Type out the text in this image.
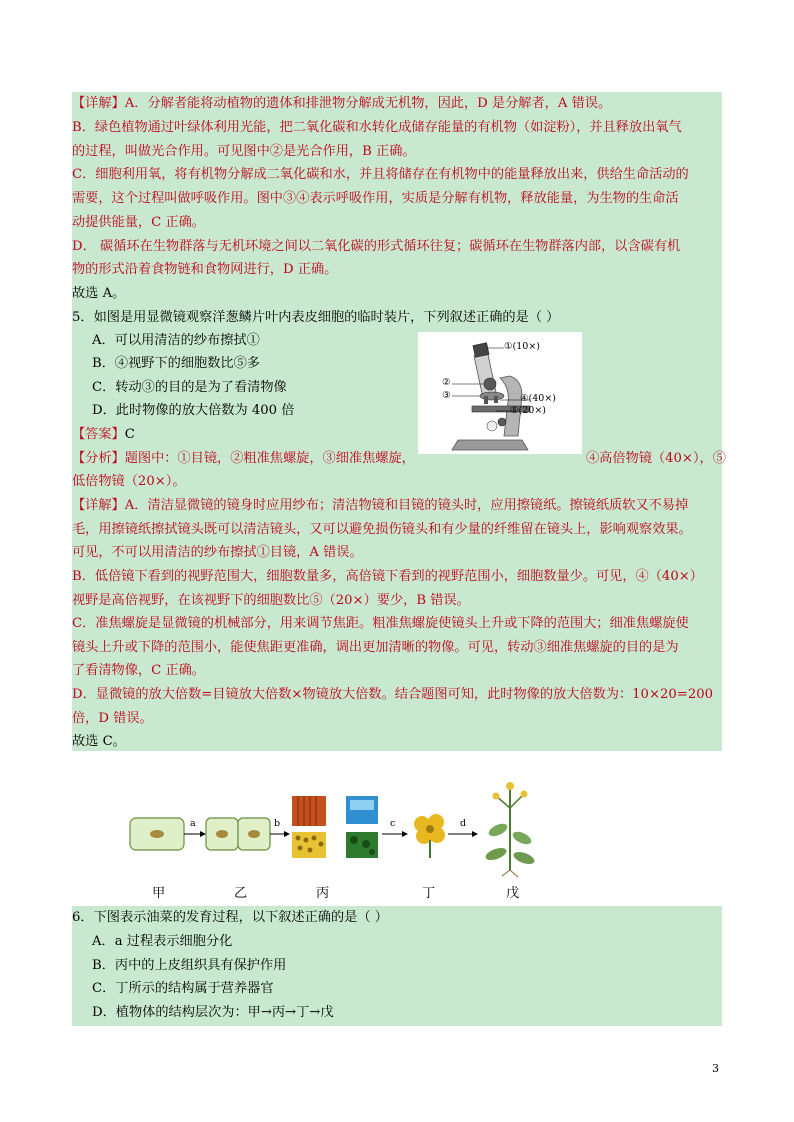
【详解】A．分解者能将动植物的遗体和排泄物分解成无机物，因此，D 是分解者，A 错误。
B．绿色植物通过叶绿体利用光能，把二氧化碳和水转化成储存能量的有机物（如淀粉），并且释放出氧气
的过程，叫做光合作用。可见图中②是光合作用，B 正确。
C．细胞利用氧，将有机物分解成二氧化碳和水，并且将储存在有机物中的能量释放出来，供给生命活动的
需要，这个过程叫做呼吸作用。图中③④表示呼吸作用，实质是分解有机物，释放能量，为生物的生命活
动提供能量，C 正确。
D． 碳循环在生物群落与无机环境之间以二氧化碳的形式循环往复；碳循环在生物群落内部，以含碳有机
物的形式沿着食物链和食物网进行，D 正确。
故选 A。
5．如图是用显微镜观察洋葱鳞片叶内表皮细胞的临时装片，下列叙述正确的是（ ）
A．可以用清洁的纱布擦拭①
B．④视野下的细胞数比⑤多
C．转动③的目的是为了看清物像
D．此时物像的放大倍数为 400 倍
【答案】C
【分析】题图中：①目镜，②粗准焦螺旋，③细准焦螺旋，	④高倍物镜（40×），⑤
低倍物镜（20×）。
【详解】A．清洁显微镜的镜身时应用纱布；清洁物镜和目镜的镜头时，应用擦镜纸。擦镜纸质软又不易掉
毛，用擦镜纸擦拭镜头既可以清洁镜头，又可以避免损伤镜头和有少量的纤维留在镜头上，影响观察效果。
可见，不可以用清洁的纱布擦拭①目镜，A 错误。
B．低倍镜下看到的视野范围大，细胞数量多，高倍镜下看到的视野范围小，细胞数量少。可见，④（40×）
视野是高倍视野，在该视野下的细胞数比⑤（20×）要少，B 错误。
C．准焦螺旋是显微镜的机械部分，用来调节焦距。粗准焦螺旋使镜头上升或下降的范围大；细准焦螺旋使
镜头上升或下降的范围小，能使焦距更准确，调出更加清晰的物像。可见，转动③细准焦螺旋的目的是为
了看清物像，C 正确。
D．显微镜的放大倍数=目镜放大倍数×物镜放大倍数。结合题图可知，此时物像的放大倍数为：10×20=200
倍，D 错误。
故选 C。
①(10×)
②
③	④(40×)
⑤(20×)
a	b	c	d
甲	乙	丙	丁	戊
6．下图表示油菜的发育过程，以下叙述正确的是（ ）
A．a 过程表示细胞分化
B．丙中的上皮组织具有保护作用
C．丁所示的结构属于营养器官
D．植物体的结构层次为：甲→丙→丁→戊
3
